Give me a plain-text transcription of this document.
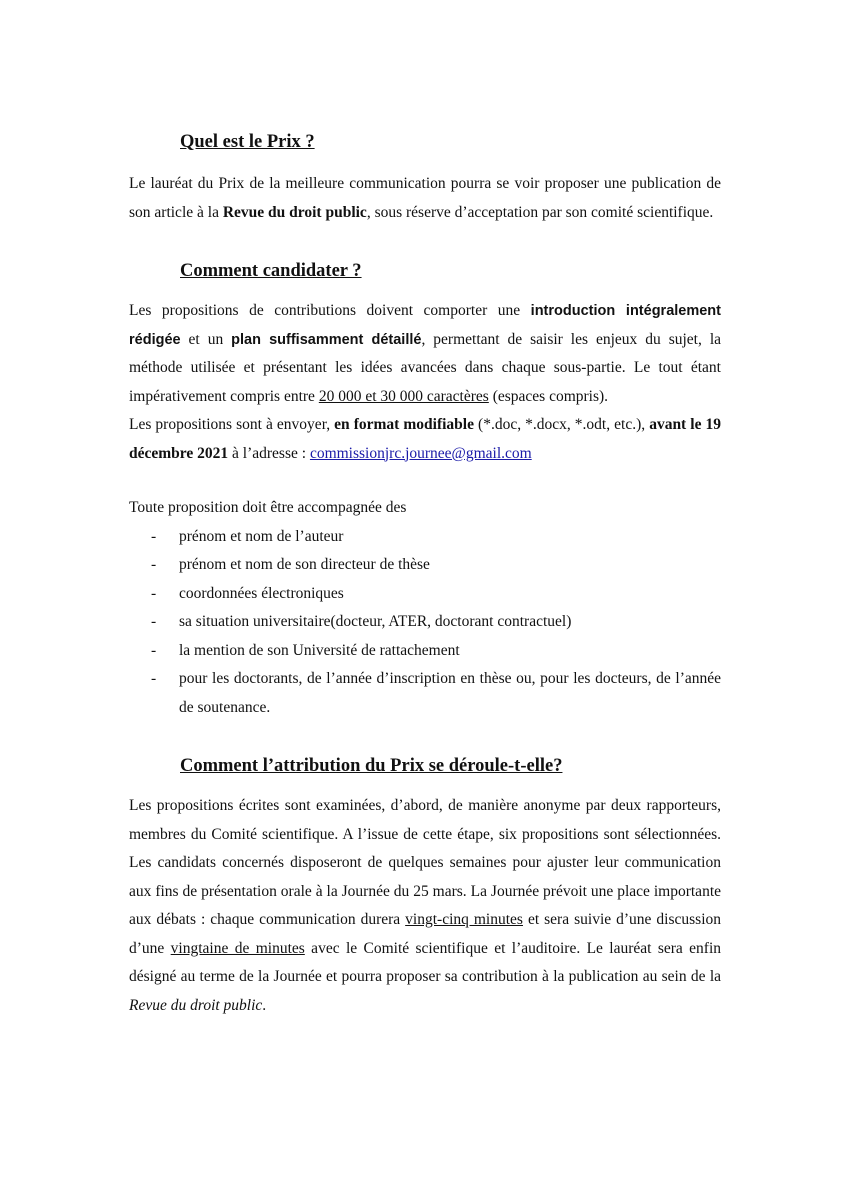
Quel est le Prix ?

Le lauréat du Prix de la meilleure communication pourra se voir proposer une publication de son article à la Revue du droit public, sous réserve d’acceptation par son comité scientifique.

Comment candidater ?

Les propositions de contributions doivent comporter une introduction intégralement rédigée et un plan suffisamment détaillé, permettant de saisir les enjeux du sujet, la méthode utilisée et présentant les idées avancées dans chaque sous-partie. Le tout étant impérativement compris entre 20 000 et 30 000 caractères (espaces compris).

Les propositions sont à envoyer, en format modifiable (*.doc, *.docx, *.odt, etc.), avant le 19 décembre 2021 à l’adresse : commissionjrc.journee@gmail.com

Toute proposition doit être accompagnée des

- prénom et nom de l’auteur
- prénom et nom de son directeur de thèse
- coordonnées électroniques
- sa situation universitaire(docteur, ATER, doctorant contractuel)
- la mention de son Université de rattachement
- pour les doctorants, de l’année d’inscription en thèse ou, pour les docteurs, de l’année de soutenance.
Comment l’attribution du Prix se déroule-t-elle?

Les propositions écrites sont examinées, d’abord, de manière anonyme par deux rapporteurs, membres du Comité scientifique. A l’issue de cette étape, six propositions sont sélectionnées. Les candidats concernés disposeront de quelques semaines pour ajuster leur communication aux fins de présentation orale à la Journée du 25 mars. La Journée prévoit une place importante aux débats : chaque communication durera vingt-cinq minutes et sera suivie d’une discussion d’une vingtaine de minutes avec le Comité scientifique et l’auditoire. Le lauréat sera enfin désigné au terme de la Journée et pourra proposer sa contribution à la publication au sein de la Revue du droit public.
